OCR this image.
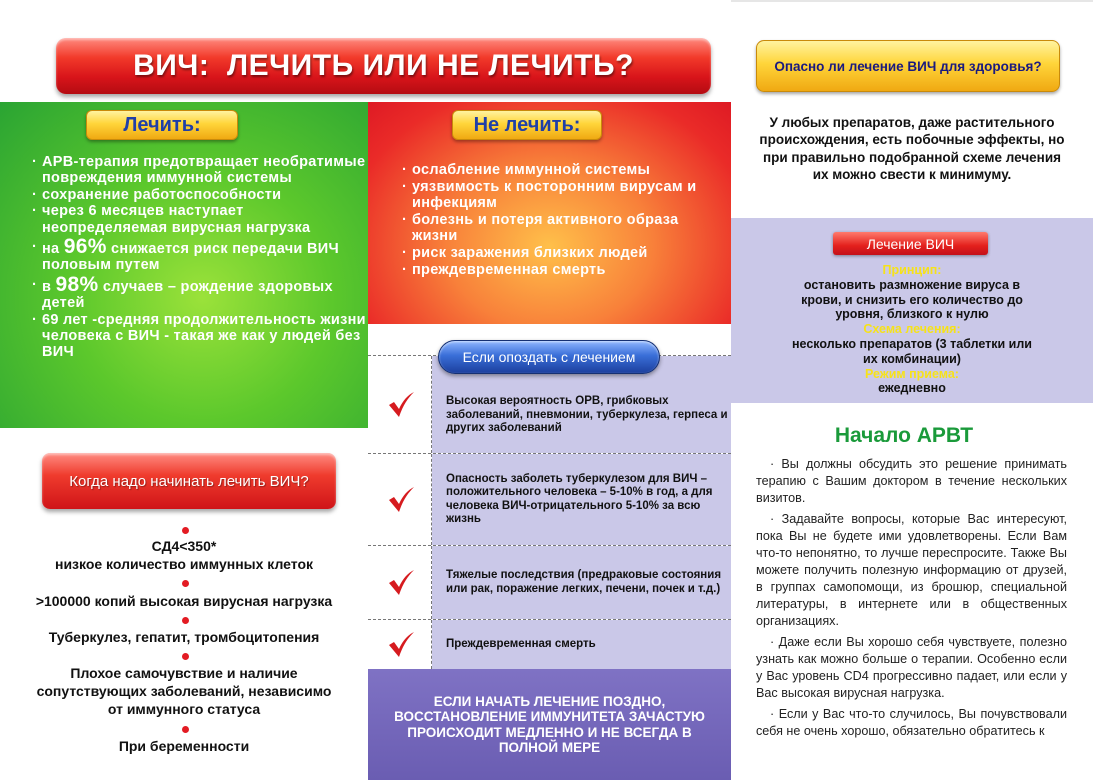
ВИЧ:  ЛЕЧИТЬ ИЛИ НЕ ЛЕЧИТЬ?
Лечить:
· АРВ-терапия предотвращает необратимые повреждения иммунной системы
· сохранение работоспособности
· через 6 месяцев наступает неопределяемая вирусная нагрузка
· на 96% снижается риск передачи ВИЧ половым путем
· в 98% случаев – рождение здоровых детей
· 69 лет -средняя продолжительность жизни человека с ВИЧ - такая же как у людей без ВИЧ
Не лечить:
· ослабление иммунной системы
· уязвимость к посторонним вирусам и инфекциям
· болезнь и потеря активного образа жизни
· риск заражения близких людей
· преждевременная смерть
Высокая вероятность ОРВ, грибковых заболеваний, пневмонии, туберкулеза, герпеса и других заболеваний
Опасность заболеть туберкулезом для ВИЧ – положительного человека – 5-10% в год, а для человека ВИЧ-отрицательного 5-10% за всю жизнь
Тяжелые последствия (предраковые состояния или рак, поражение легких, печени, почек и т.д.)
Преждевременная смерть
Если опоздать с лечением
ЕСЛИ НАЧАТЬ ЛЕЧЕНИЕ ПОЗДНО, ВОССТАНОВЛЕНИЕ ИММУНИТЕТА ЗАЧАСТУЮ ПРОИСХОДИТ МЕДЛЕННО И НЕ ВСЕГДА В ПОЛНОЙ МЕРЕ
Когда надо начинать лечить ВИЧ?
СД4<350*
низкое количество иммунных клеток
>100000 копий высокая вирусная нагрузка
Туберкулез, гепатит, тромбоцитопения
Плохое самочувствие и наличие сопутствующих заболеваний, независимо от иммунного статуса
При беременности
Опасно ли лечение ВИЧ для здоровья?
У любых препаратов, даже растительного происхождения, есть побочные эффекты, но при правильно подобранной схеме лечения их можно свести к минимуму.
Лечение ВИЧ
Принцип:
остановить размножение вируса в крови, и снизить его количество до уровня, близкого к нулю
Схема лечения:
несколько препаратов (3 таблетки или их комбинации)
Режим приема:
ежедневно
Начало АРВТ

· Вы должны обсудить это решение принимать терапию с Вашим доктором в течение нескольких визитов.

· Задавайте вопросы, которые Вас интересуют, пока Вы не будете ими удовлетворены. Если Вам что-то непонятно, то лучше переспросите. Также Вы можете получить полезную информацию от друзей, в группах самопомощи, из брошюр, специальной литературы, в интернете или в общественных организациях.

· Даже если Вы хорошо себя чувствуете, полезно узнать как можно больше о терапии. Особенно если у Вас уровень CD4 прогрессивно падает, или если у Вас высокая вирусная нагрузка.

· Если у Вас что-то случилось, Вы почувствовали себя не очень хорошо, обязательно обратитесь к
